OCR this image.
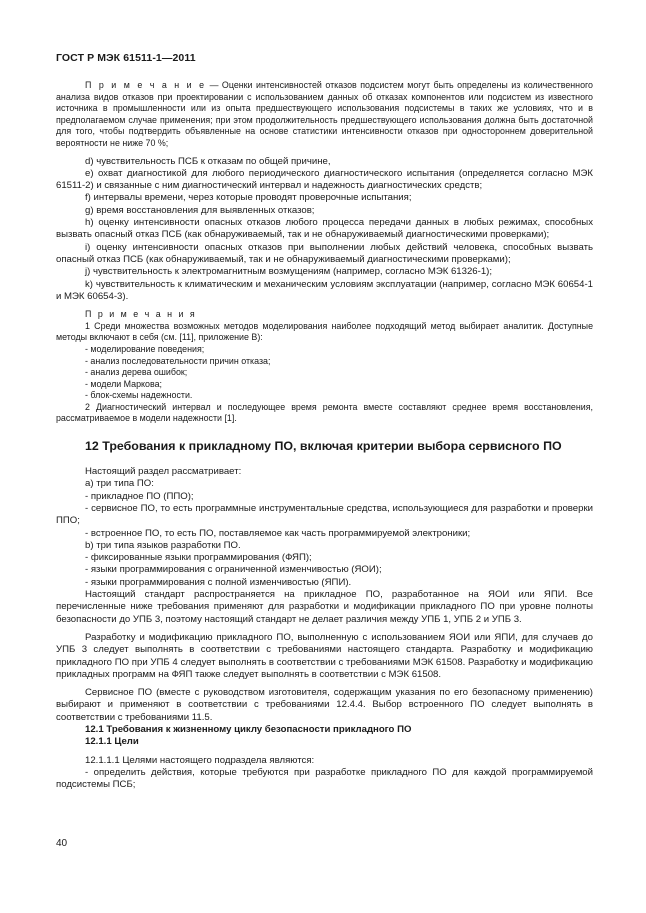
ГОСТ Р МЭК 61511-1—2011

П р и м е ч а н и е — Оценки интенсивностей отказов подсистем могут быть определены из количественного анализа видов отказов при проектировании с использованием данных об отказах компонентов или подсистем из известного источника в промышленности или из опыта предшествующего использования подсистемы в таких же условиях, что и в предполагаемом случае применения; при этом продолжительность предшествующего использования должна быть достаточной для того, чтобы подтвердить объявленные на основе статистики интенсивности отказов при одностороннем доверительной вероятности не ниже 70 %;

d) чувствительность ПСБ к отказам по общей причине,

e) охват диагностикой для любого периодического диагностического испытания (определяется согласно МЭК 61511-2) и связанные с ним диагностический интервал и надежность диагностических средств;

f) интервалы времени, через которые проводят проверочные испытания;

g) время восстановления для выявленных отказов;

h) оценку интенсивности опасных отказов любого процесса передачи данных в любых режимах, способных вызвать опасный отказ ПСБ (как обнаруживаемый, так и не обнаруживаемый диагностическими проверками);

i) оценку интенсивности опасных отказов при выполнении любых действий человека, способных вызвать опасный отказ ПСБ (как обнаруживаемый, так и не обнаруживаемый диагностическими проверками);

j) чувствительность к электромагнитным возмущениям (например, согласно МЭК 61326-1);

k) чувствительность к климатическим и механическим условиям эксплуатации (например, согласно МЭК 60654-1 и МЭК 60654-3).

П р и м е ч а н и я

1 Среди множества возможных методов моделирования наиболее подходящий метод выбирает аналитик. Доступные методы включают в себя (см. [11], приложение B):

- моделирование поведения;

- анализ последовательности причин отказа;

- анализ дерева ошибок;

- модели Маркова;

- блок-схемы надежности.

2 Диагностический интервал и последующее время ремонта вместе составляют среднее время восстановления, рассматриваемое в модели надежности [1].

12 Требования к прикладному ПО, включая критерии выбора сервисного ПО

Настоящий раздел рассматривает:

a) три типа ПО:

- прикладное ПО (ППО);

- сервисное ПО, то есть программные инструментальные средства, использующиеся для разработки и проверки ППО;

- встроенное ПО, то есть ПО, поставляемое как часть программируемой электроники;

b) три типа языков разработки ПО.

- фиксированные языки программирования (ФЯП);

- языки программирования с ограниченной изменчивостью (ЯОИ);

- языки программирования с полной изменчивостью (ЯПИ).

Настоящий стандарт распространяется на прикладное ПО, разработанное на ЯОИ или ЯПИ. Все перечисленные ниже требования применяют для разработки и модификации прикладного ПО при уровне полноты безопасности до УПБ 3, поэтому настоящий стандарт не делает различия между УПБ 1, УПБ 2 и УПБ 3.

Разработку и модификацию прикладного ПО, выполненную с использованием ЯОИ или ЯПИ, для случаев до УПБ 3 следует выполнять в соответствии с требованиями настоящего стандарта. Разработку и модификацию прикладного ПО при УПБ 4 следует выполнять в соответствии с требованиями МЭК 61508. Разработку и модификацию прикладных программ на ФЯП также следует выполнять в соответствии с МЭК 61508.

Сервисное ПО (вместе с руководством изготовителя, содержащим указания по его безопасному применению) выбирают и применяют в соответствии с требованиями 12.4.4. Выбор встроенного ПО следует выполнять в соответствии с требованиями 11.5.

12.1 Требования к жизненному циклу безопасности прикладного ПО

12.1.1 Цели

12.1.1.1 Целями настоящего подраздела являются:

- определить действия, которые требуются при разработке прикладного ПО для каждой программируемой подсистемы ПСБ;

40
